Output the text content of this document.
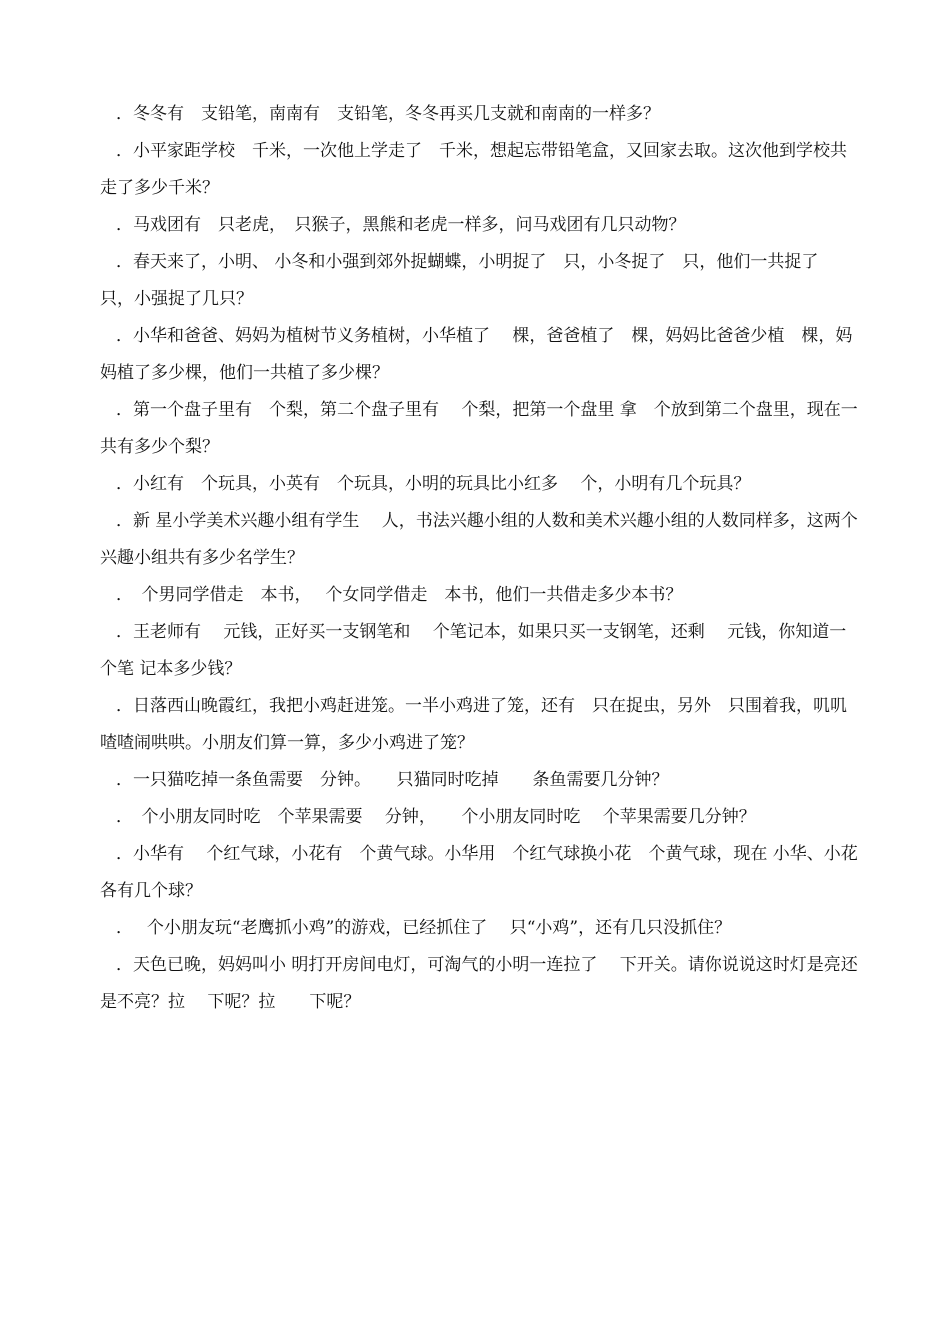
．冬冬有　支铅笔，南南有　支铅笔，冬冬再买几支就和南南的一样多？

．小平家距学校　千米，一次他上学走了　千米，想起忘带铅笔盒，又回家去取。这次他到学校共走了多少千米？

．马戏团有　只老虎，　只猴子，黑熊和老虎一样多，问马戏团有几只动物？

．春天来了，小明、 小冬和小强到郊外捉蝴蝶，小明捉了　只，小冬捉了　只，他们一共捉了　 只，小强捉了几只？

．小华和爸爸、妈妈为植树节义务植树，小华植了　 棵，爸爸植了　棵，妈妈比爸爸少植　棵，妈妈植了多少棵，他们一共植了多少棵？

．第一个盘子里有　个梨，第二个盘子里有　 个梨，把第一个盘里 拿　个放到第二个盘里，现在一共有多少个梨？

．小红有　个玩具，小英有　个玩具，小明的玩具比小红多　 个，小明有几个玩具？

．新 星小学美术兴趣小组有学生　 人，书法兴趣小组的人数和美术兴趣小组的人数同样多，这两个兴趣小组共有多少名学生？

．　个男同学借走　本书，　 个女同学借走　本书，他们一共借走多少本书？

．王老师有　 元钱，正好买一支钢笔和　 个笔记本，如果只买一支钢笔，还剩　 元钱，你知道一个笔 记本多少钱？

．日落西山晚霞红，我把小鸡赶进笼。一半小鸡进了笼，还有　只在捉虫，另外　只围着我，叽叽喳喳闹哄哄。小朋友们算一算，多少小鸡进了笼？

．一只猫吃掉一条鱼需要　分钟。　　只猫同时吃掉　　条鱼需要几分钟？

．　个小朋友同时吃　个苹果需要　 分钟，　　个小朋友同时吃　 个苹果需要几分钟？

．小华有　 个红气球，小花有　个黄气球。小华用　个红气球换小花　个黄气球，现在 小华、小花各有几个球？

．　 个小朋友玩“老鹰抓小鸡”的游戏，已经抓住了　 只“小鸡”，还有几只没抓住？

．天色已晚，妈妈叫小 明打开房间电灯，可淘气的小明一连拉了　 下开关。请你说说这时灯是亮还是不亮？拉　 下呢？拉　　下呢？
